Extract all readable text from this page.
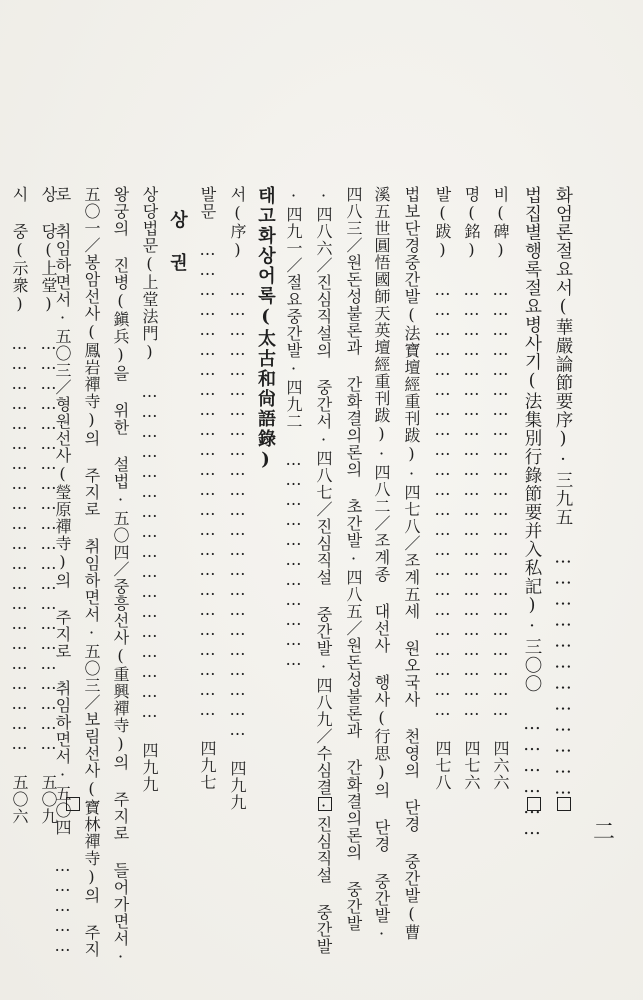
二
화엄론절요서(華嚴論節要序)·三九五 ………………………………
법집별행록절요병사기(法集別行錄節要并入私記)·三〇〇 ………………
비(碑) ………………………………………………………… 四六六
명(銘) ………………………………………………………… 四七六
발(跋) ………………………………………………………… 四七八
법보단경중간발(法寶壇經重刊跋)·四七八／조계五세 원오국사 천영의 단경 중간발(曹
溪五世圓悟國師天英壇經重刊跋)·四八二／조계종 대선사 행사(行思)의 단경 중간발·
四八三／원돈성불론과 간화결의론의 초간발·四八五／원돈성불론과 간화결의론의 중간발
·四八六／진심직설의 중간서·四八七／진심직설 중간발·四八九／수심결·진심직설 중간발
·四九一／절요중간발·四九二 ……………………………
태고화상어록(太古和尙語錄)
서(序) …………………………………………………………… 四九九
발문 ……………………………………………………………… 四九七
상 권
상당법문(上堂法門) …………………………………………… 四九九
왕궁의 진병(鎭兵)을 위한 설법·五〇四／중흥선사(重興禪寺)의 주지로 들어가면서·
五〇一／봉암선사(鳳岩禪寺)의 주지로 취임하면서·五〇三／보림선사(寶林禪寺)의 주지
로 취임하면서·五〇三／형원선사(瑩原禪寺)의 주지로 취임하면서·五〇四 ……………
상 당(上堂) ……………………………………………………… 五〇九
시 중(示衆) ……………………………………………………… 五〇六
